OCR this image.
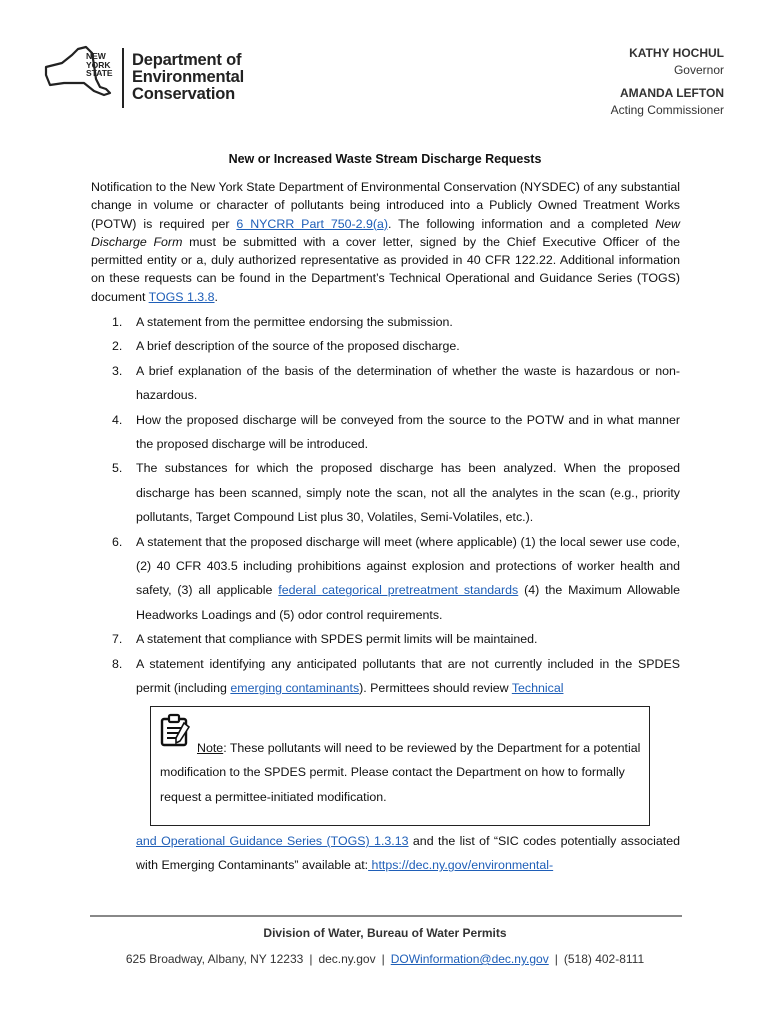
NEW
YORK
STATE
Department of
Environmental
Conservation
KATHY HOCHUL
Governor
AMANDA LEFTON
Acting Commissioner
New or Increased Waste Stream Discharge Requests
Notification to the New York State Department of Environmental Conservation (NYSDEC) of any substantial change in volume or character of pollutants being introduced into a Publicly Owned Treatment Works (POTW) is required per 6 NYCRR Part 750-2.9(a). The following information and a completed New Discharge Form must be submitted with a cover letter, signed by the Chief Executive Officer of the permitted entity or a, duly authorized representative as provided in 40 CFR 122.22. Additional information on these requests can be found in the Department’s Technical Operational and Guidance Series (TOGS) document TOGS 1.3.8.
1. A statement from the permittee endorsing the submission.
2. A brief description of the source of the proposed discharge.
3. A brief explanation of the basis of the determination of whether the waste is hazardous or non-hazardous.
4. How the proposed discharge will be conveyed from the source to the POTW and in what manner the proposed discharge will be introduced.
5. The substances for which the proposed discharge has been analyzed. When the proposed discharge has been scanned, simply note the scan, not all the analytes in the scan (e.g., priority pollutants, Target Compound List plus 30, Volatiles, Semi-Volatiles, etc.).
6. A statement that the proposed discharge will meet (where applicable) (1) the local sewer use code, (2) 40 CFR 403.5 including prohibitions against explosion and protections of worker health and safety, (3) all applicable federal categorical pretreatment standards (4) the Maximum Allowable Headworks Loadings and (5) odor control requirements.
7. A statement that compliance with SPDES permit limits will be maintained.
8. A statement identifying any anticipated pollutants that are not currently included in the SPDES permit (including emerging contaminants). Permittees should review Technical
Note: These pollutants will need to be reviewed by the Department for a potential modification to the SPDES permit. Please contact the Department on how to formally request a permittee-initiated modification.
and Operational Guidance Series (TOGS) 1.3.13 and the list of “SIC codes potentially associated with Emerging Contaminants” available at: https://dec.ny.gov/environmental-
Division of Water, Bureau of Water Permits
625 Broadway, Albany, NY 12233 | dec.ny.gov | DOWinformation@dec.ny.gov | (518) 402-8111
